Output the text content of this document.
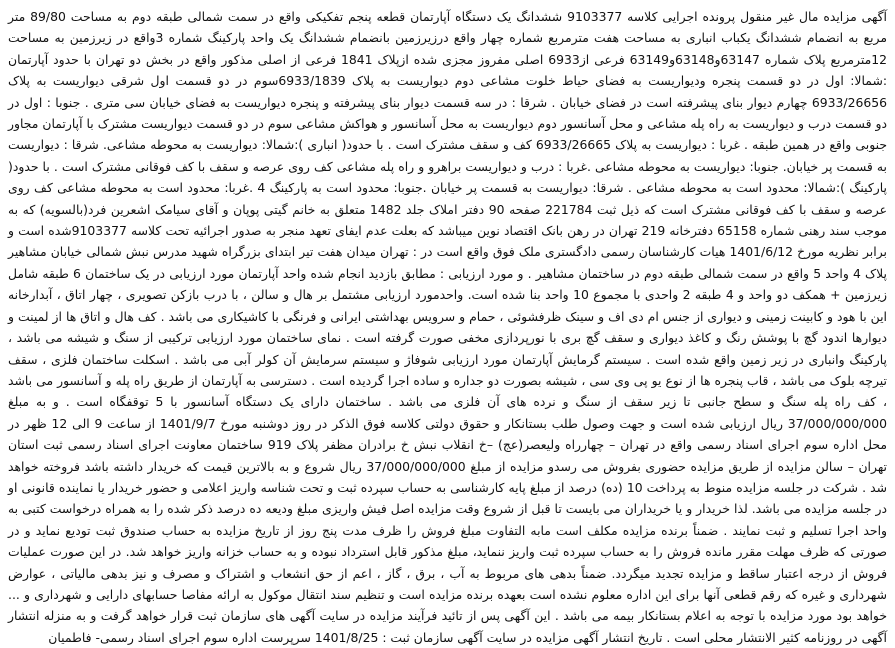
آگهی مزایده مال غیر منقول پرونده اجرایی کلاسه 9103377 ششدانگ یک دستگاه آپارتمان قطعه پنجم تفکیکی واقع در سمت شمالی طبقه دوم به مساحت 89/80 متر مربع به انضمام ششدانگ یکباب انباری به مساحت هفت مترمربع شماره چهار واقع درزیرزمین بانضمام ششدانگ یک واحد پارکینگ شماره 3واقع در زیرزمین به مساحت 12مترمربع پلاک شماره 63147و63148و63149 فرعی از6933 اصلی مفروز مجزی شده ازپلاک 1841 فرعی از اصلی مذکور واقع در بخش دو تهران با حدود آپارتمان :شمالا: اول در دو قسمت پنجره ودیواریست به فضای حیاط خلوت مشاعی دوم دیواریست به پلاک 6933/1839سوم در دو قسمت اول شرقی دیواریست به پلاک 6933/26656 چهارم دیوار بنای پیشرفته است در فضای خیابان . شرقا : در سه قسمت دیوار بنای پیشرفته و پنجره دیواریست به فضای خیابان سی متری . جنوبا : اول در دو قسمت درب و دیواریست به راه پله مشاعی و محل آسانسور دوم دیواریست به محل آسانسور و هواکش مشاعی سوم در دو قسمت دیواریست مشترک با آپارتمان مجاور جنوبی واقع در همین طبقه . غربا : دیواریست به پلاک 6933/26665 کف و سقف مشترک است . با حدود( انباری ):شمالا: دیواریست به محوطه مشاعی. شرقا : دیواریست به قسمت پر خیابان. جنوبا: دیواریست به محوطه مشاعی .غربا : درب و دیواریست براهرو و راه پله مشاعی کف روی عرصه و سقف با کف فوقانی مشترک است . با حدود( پارکینگ ):شمالا: محدود است به محوطه مشاعی . شرقا: دیواریست به قسمت پر خیابان .جنوبا: محدود است به پارکینگ 4 .غربا: محدود است به محوطه مشاعی کف روی عرصه و سقف با کف فوقانی مشترک است که ذیل ثبت 221784 صفحه 90 دفتر املاک جلد 1482 متعلق به خانم گیتی پوپان و آقای سیامک اشعرین فرد(بالسویه) که به موجب سند رهنی شماره 65158 دفترخانه 219 تهران در رهن بانک اقتصاد نوین میباشد که بعلت عدم ایفای تعهد منجر به صدور اجرائیه تحت کلاسه 9103377شده است و برابر نظریه مورخ 1401/6/12 هیات کارشناسان رسمی دادگستری ملک فوق واقع است در : تهران میدان هفت تیر ابتدای بزرگراه شهید مدرس نبش شمالی خیابان مشاهیر پلاک 4 واحد 5 واقع در سمت شمالی طبقه دوم در ساختمان مشاهیر . و مورد ارزیابی : مطابق بازدید انجام شده واحد آپارتمان مورد ارزیابی در یک ساختمان 6 طبقه شامل زیرزمین + همکف دو واحد و 4 طبقه 2 واحدی با مجموع 10 واحد بنا شده است. واحدمورد ارزیابی مشتمل بر هال و سالن ، با درب بازکن تصویری ، چهار اتاق ، آبدارخانه این با هود و کابینت زمینی و دیواری از جنس ام دی اف و سینک ظرفشوئی ، حمام و سرویس بهداشتی ایرانی و فرنگی با کاشیکاری می باشد . کف هال و اتاق ها از لمینت و دیوارها اندود گچ با پوشش رنگ و کاغذ دیواری و سقف گچ بری با نورپردازی مخفی صورت گرفته است . نمای ساختمان مورد ارزیابی ترکیبی از سنگ و شیشه می باشد ، پارکینگ وانباری در زیر زمین واقع شده است . سیستم گرمایش آپارتمان مورد ارزیابی شوفاژ و سیستم سرمایش آن کولر آبی می باشد . اسکلت ساختمان فلزی ، سقف تیرچه بلوک می باشد ، قاب پنجره ها از نوع یو پی وی سی ، شیشه بصورت دو جداره و ساده اجرا گردیده است . دسترسی به آپارتمان از طریق راه پله و آسانسور می باشد ، کف راه پله سنگ و سطح جانبی تا زیر سقف از سنگ و نرده های آن فلزی می باشد . ساختمان دارای یک دستگاه آسانسور با 5 توقفگاه است . و به مبلغ 37/000/000/000 ریال ارزیابی شده است و جهت وصول طلب بستانکار و حقوق دولتی کلاسه فوق الذکر در روز دوشنبه مورخ 1401/9/7 از ساعت 9 الی 12 ظهر در محل اداره سوم اجرای اسناد رسمی واقع در تهران – چهارراه ولیعصر(عج) –خ انقلاب نبش خ برادران مظفر پلاک 919 ساختمان معاونت اجرای اسناد رسمی ثبت استان تهران – سالن مزایده از طریق مزایده حضوری بفروش می رسدو مزایده از مبلغ 37/000/000/000 ریال شروع و به بالاترین قیمت که خریدار داشته باشد فروخته خواهد شد . شرکت در جلسه مزایده منوط به پرداخت 10 (ده) درصد از مبلغ پایه کارشناسی به حساب سپرده ثبت و تحت شناسه واریز اعلامی و حضور خریدار یا نماینده قانونی او در جلسه مزایده می باشد. لذا خریدار و یا خریداران می بایست تا قبل از شروع وقت مزایده اصل فیش واریزی مبلغ ودیعه ده درصد ذکر شده را به همراه درخواست کتبی به واحد اجرا تسلیم و ثبت نمایند . ضمناً برنده مزایده مکلف است مابه التفاوت مبلغ فروش را ظرف مدت پنج روز از تاریخ مزایده به حساب صندوق ثبت تودیع نماید و در صورتی که ظرف مهلت مقرر مانده فروش را به حساب سپرده ثبت واریز ننماید، مبلغ مذکور قابل استرداد نبوده و به حساب خزانه واریز خواهد شد. در این صورت عملیات فروش از درجه اعتبار ساقط و مزایده تجدید میگردد. ضمناً بدهی های مربوط به آب ، برق ، گاز ، اعم از حق انشعاب و اشتراک و مصرف و نیز بدهی مالیاتی ، عوارض شهرداری و غیره که رقم قطعی آنها برای این اداره معلوم نشده است بعهده برنده مزایده است و تنظیم سند انتقال موکول به ارائه مفاصا حسابهای دارایی و شهرداری و ... خواهد بود مورد مزایده با توجه به اعلام بستانکار بیمه می باشد . این آگهی پس از تائید فرآیند مزایده در سایت آگهی های سازمان ثبت قرار خواهد گرفت و به منزله انتشار آگهی در روزنامه کثیر الانتشار محلی است . تاریخ انتشار آگهی مزایده در سایت آگهی سازمان ثبت : 1401/8/25 سرپرست اداره سوم اجرای اسناد رسمی- فاطمیان
